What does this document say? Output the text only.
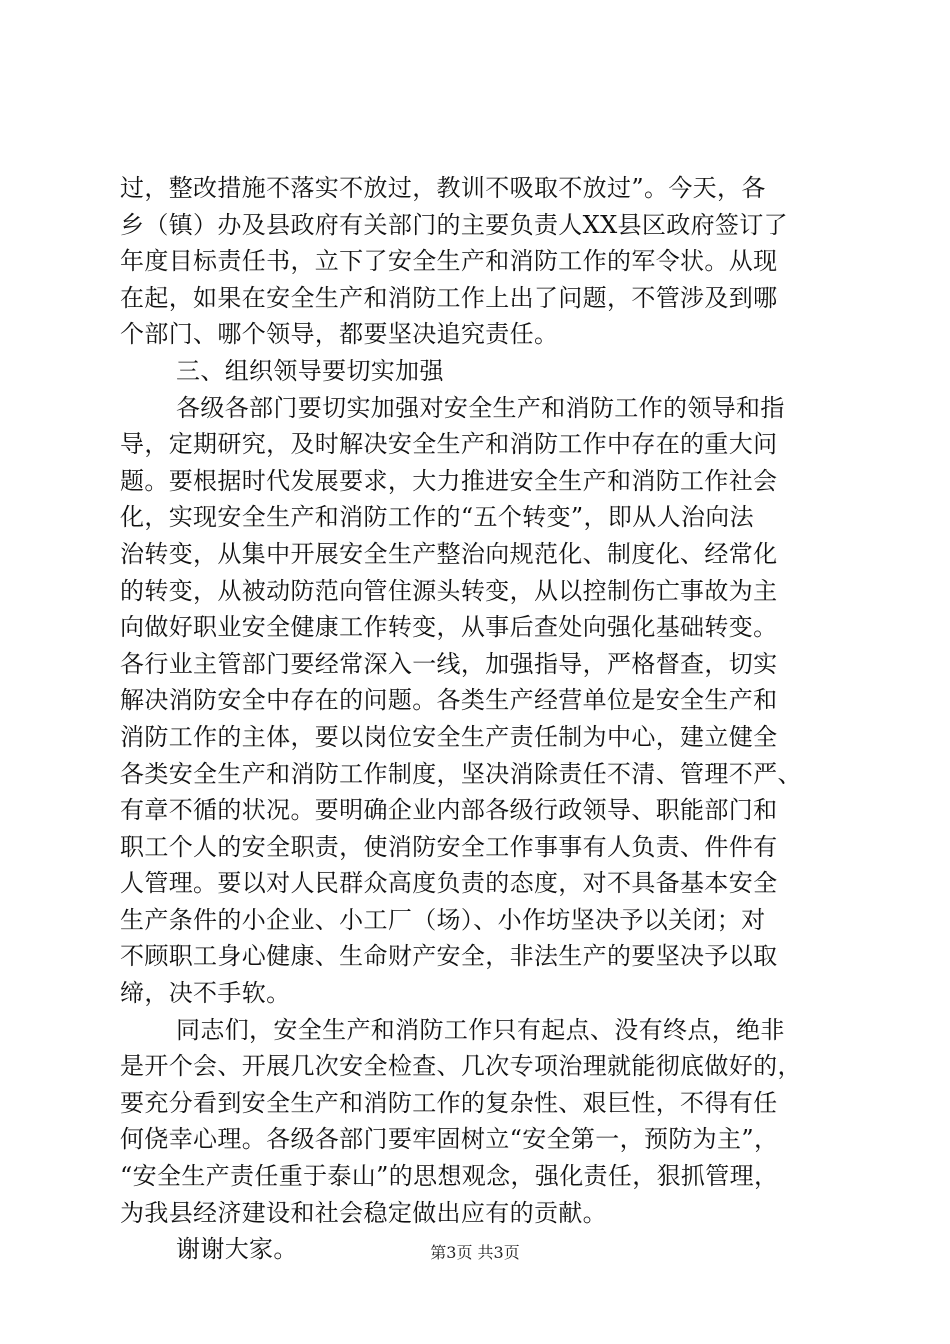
过，整改措施不落实不放过，教训不吸取不放过”。今天，各
乡（镇）办及县政府有关部门的主要负责人XX县区政府签订了
年度目标责任书，立下了安全生产和消防工作的军令状。从现
在起，如果在安全生产和消防工作上出了问题，不管涉及到哪
个部门、哪个领导，都要坚决追究责任。
三、组织领导要切实加强
各级各部门要切实加强对安全生产和消防工作的领导和指
导，定期研究，及时解决安全生产和消防工作中存在的重大问
题。要根据时代发展要求，大力推进安全生产和消防工作社会
化，实现安全生产和消防工作的“五个转变”，即从人治向法
治转变，从集中开展安全生产整治向规范化、制度化、经常化
的转变，从被动防范向管住源头转变，从以控制伤亡事故为主
向做好职业安全健康工作转变，从事后查处向强化基础转变。
各行业主管部门要经常深入一线，加强指导，严格督查，切实
解决消防安全中存在的问题。各类生产经营单位是安全生产和
消防工作的主体，要以岗位安全生产责任制为中心，建立健全
各类安全生产和消防工作制度，坚决消除责任不清、管理不严、
有章不循的状况。要明确企业内部各级行政领导、职能部门和
职工个人的安全职责，使消防安全工作事事有人负责、件件有
人管理。要以对人民群众高度负责的态度，对不具备基本安全
生产条件的小企业、小工厂（场）、小作坊坚决予以关闭；对
不顾职工身心健康、生命财产安全，非法生产的要坚决予以取
缔，决不手软。
同志们，安全生产和消防工作只有起点、没有终点，绝非
是开个会、开展几次安全检查、几次专项治理就能彻底做好的，
要充分看到安全生产和消防工作的复杂性、艰巨性，不得有任
何侥幸心理。各级各部门要牢固树立“安全第一，预防为主”，
“安全生产责任重于泰山”的思想观念，强化责任，狠抓管理，
为我县经济建设和社会稳定做出应有的贡献。
谢谢大家。	第3页 共3页
